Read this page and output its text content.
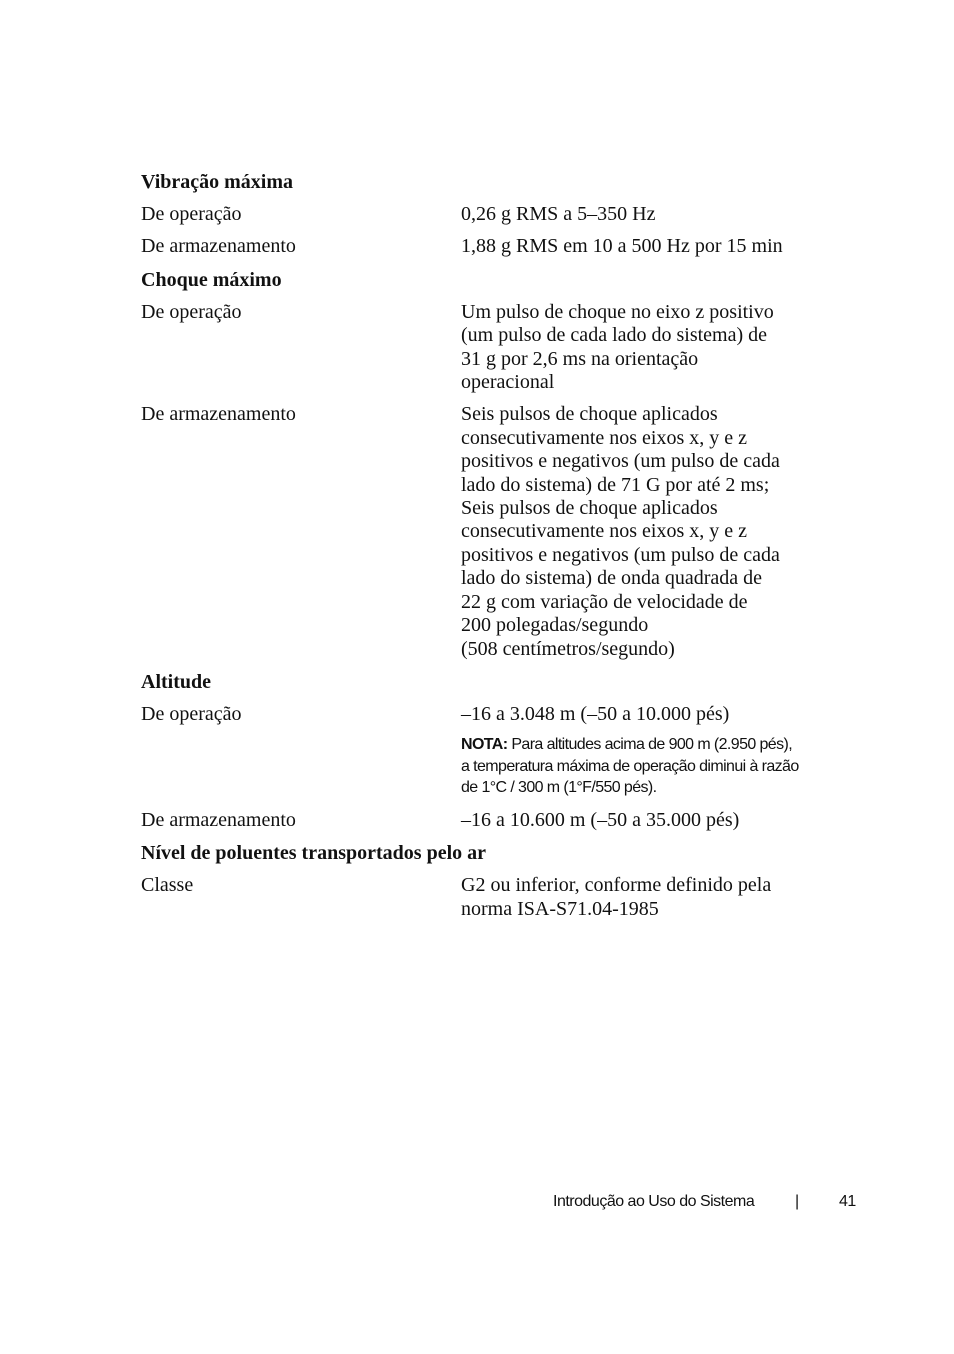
Vibração máxima
De operação	0,26 g RMS a 5–350 Hz
De armazenamento	1,88 g RMS em 10 a 500 Hz por 15 min
Choque máximo
De operação	Um pulso de choque no eixo z positivo
(um pulso de cada lado do sistema) de
31 g por 2,6 ms na orientação
operacional
De armazenamento	Seis pulsos de choque aplicados
consecutivamente nos eixos x, y e z
positivos e negativos (um pulso de cada
lado do sistema) de 71 G por até 2 ms;
Seis pulsos de choque aplicados
consecutivamente nos eixos x, y e z
positivos e negativos (um pulso de cada
lado do sistema) de onda quadrada de
22 g com variação de velocidade de
200 polegadas/segundo
(508 centímetros/segundo)
Altitude
De operação	–16 a 3.048 m (–50 a 10.000 pés)
NOTA: Para altitudes acima de 900 m (2.950 pés),
a temperatura máxima de operação diminui à razão
de 1°C / 300 m (1°F/550 pés).
De armazenamento	–16 a 10.600 m (–50 a 35.000 pés)
Nível de poluentes transportados pelo ar
Classe	G2 ou inferior, conforme definido pela
norma ISA-S71.04-1985
Introdução ao Uso do Sistema	|	41
